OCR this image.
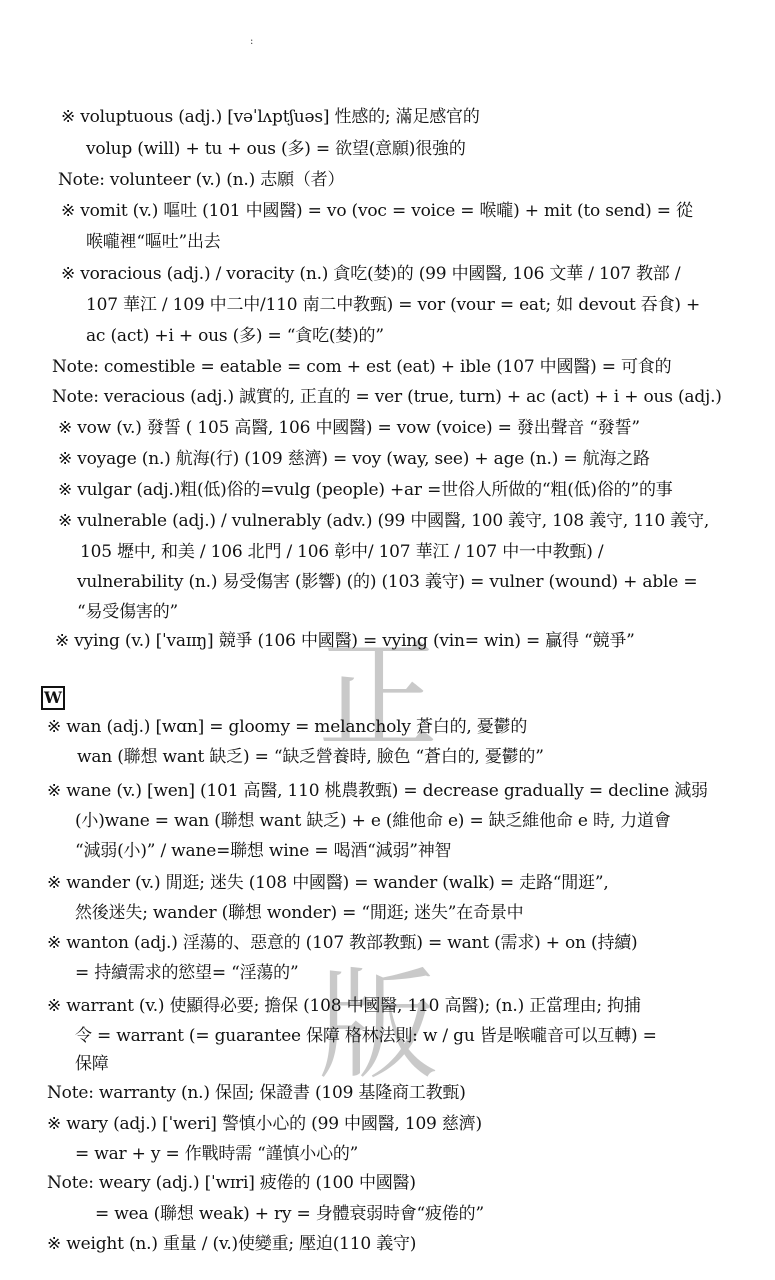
正
版
:
※ voluptuous (adj.) [vəˈlʌptʃuəs] 性感的; 滿足感官的
volup (will) + tu + ous (多) = 欲望(意願)很強的
Note: volunteer (v.) (n.) 志願（者）
※ vomit (v.) 嘔吐 (101 中國醫) = vo (voc = voice = 喉嚨) + mit (to send) = 從
喉嚨裡“嘔吐”出去
※ voracious (adj.) / voracity (n.) 貪吃(婪)的 (99 中國醫, 106 文華 / 107 教部 /
107 華江 / 109 中二中/110 南二中教甄) = vor (vour = eat; 如 devout 吞食) +
ac (act) +i + ous (多) = “貪吃(婪)的”
Note: comestible = eatable = com + est (eat) + ible (107 中國醫) = 可食的
Note: veracious (adj.) 誠實的, 正直的 = ver (true, turn) + ac (act) + i + ous (adj.)
※ vow (v.) 發誓 ( 105 高醫, 106 中國醫) = vow (voice) = 發出聲音 “發誓”
※ voyage (n.) 航海(行) (109 慈濟) = voy (way, see) + age (n.) = 航海之路
※ vulgar (adj.)粗(低)俗的=vulg (people) +ar =世俗人所做的“粗(低)俗的”的事
※ vulnerable (adj.) / vulnerably (adv.) (99 中國醫, 100 義守, 108 義守, 110 義守,
105 壢中, 和美 / 106 北門 / 106 彰中/ 107 華江 / 107 中一中教甄) /
vulnerability (n.) 易受傷害 (影響) (的) (103 義守) = vulner (wound) + able =
“易受傷害的”
※ vying (v.) [ˈvaɪɪŋ] 競爭 (106 中國醫) = vying (vin= win) = 贏得 “競爭”
W
※ wan (adj.) [wɑn] = gloomy = melancholy 蒼白的, 憂鬱的
wan (聯想 want 缺乏) = “缺乏營養時, 臉色 “蒼白的, 憂鬱的”
※ wane (v.) [wen] (101 高醫, 110 桃農教甄) = decrease gradually = decline 減弱
(小)wane = wan (聯想 want 缺乏) + e (維他命 e) = 缺乏維他命 e 時, 力道會
“減弱(小)” / wane=聯想 wine = 喝酒“減弱”神智
※ wander (v.) 閒逛; 迷失 (108 中國醫) = wander (walk) = 走路“閒逛”,
然後迷失; wander (聯想 wonder) = “閒逛; 迷失”在奇景中
※ wanton (adj.) 淫蕩的、惡意的 (107 教部教甄) = want (需求) + on (持續)
= 持續需求的慾望= “淫蕩的”
※ warrant (v.) 使顯得必要; 擔保 (108 中國醫, 110 高醫); (n.) 正當理由; 拘捕
令 = warrant (= guarantee 保障 格林法則: w / gu 皆是喉嚨音可以互轉) =
保障
Note: warranty (n.) 保固; 保證書 (109 基隆商工教甄)
※ wary (adj.) [ˈweri] 警慎小心的 (99 中國醫, 109 慈濟)
= war + y = 作戰時需 “謹慎小心的”
Note: weary (adj.) [ˈwɪri] 疲倦的 (100 中國醫)
= wea (聯想 weak) + ry = 身體衰弱時會“疲倦的”
※ weight (n.) 重量 / (v.)使變重; 壓迫(110 義守)
